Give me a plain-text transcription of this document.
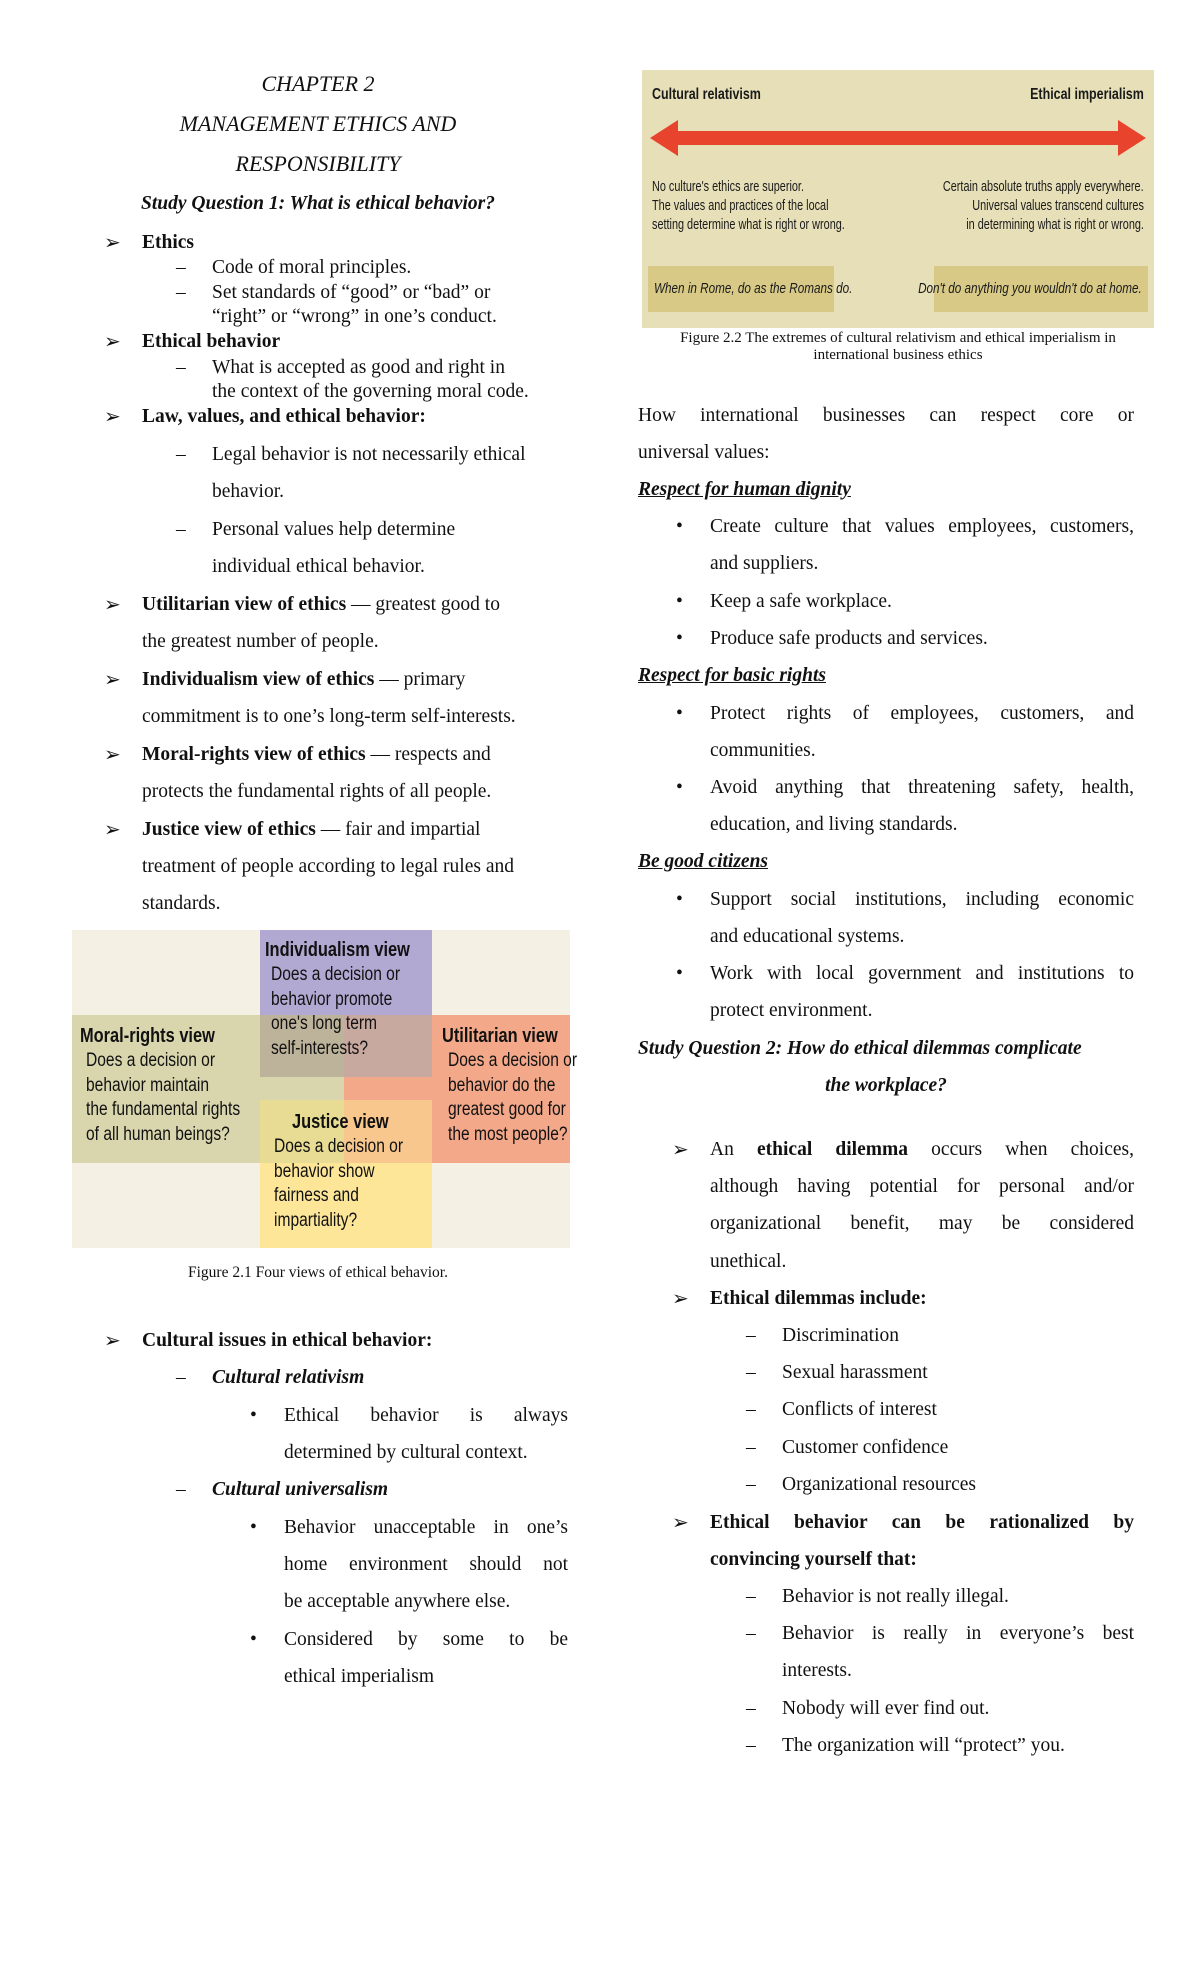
CHAPTER 2
MANAGEMENT ETHICS AND
RESPONSIBILITY
Study Question 1: What is ethical behavior?
➢ Ethics
– Code of moral principles.
– Set standards of “good” or “bad” or
“right” or “wrong” in one’s conduct.
➢ Ethical behavior
– What is accepted as good and right in
the context of the governing moral code.
➢ Law, values, and ethical behavior:
– Legal behavior is not necessarily ethical
behavior.
– Personal values help determine
individual ethical behavior.
➢ Utilitarian view of ethics — greatest good to
the greatest number of people.
➢ Individualism view of ethics — primary
commitment is to one’s long-term self-interests.
➢ Moral-rights view of ethics — respects and
protects the fundamental rights of all people.
➢ Justice view of ethics — fair and impartial
treatment of people according to legal rules and
standards.
Individualism view
Does a decision or
behavior promote
one's long term
self-interests?
Moral-rights view
Does a decision or
behavior maintain
the fundamental rights
of all human beings?
Utilitarian view
Does a decision or
behavior do the
greatest good for
the most people?
Justice view
Does a decision or
behavior show
fairness and
impartiality?
Figure 2.1 Four views of ethical behavior.
➢ Cultural issues in ethical behavior:
– Cultural relativism
• Ethical behavior is always
determined by cultural context.
– Cultural universalism
• Behavior unacceptable in one’s
home environment should not
be acceptable anywhere else.
• Considered by some to be
ethical imperialism
Cultural relativism	Ethical imperialism
No culture's ethics are superior.
The values and practices of the local
setting determine what is right or wrong.
Certain absolute truths apply everywhere.
Universal values transcend cultures
in determining what is right or wrong.
When in Rome, do as the Romans do.	Don't do anything you wouldn't do at home.
Figure 2.2 The extremes of cultural relativism and ethical imperialism in
international business ethics
How international businesses can respect core or
universal values:
Respect for human dignity
• Create culture that values employees, customers,
and suppliers.
• Keep a safe workplace.
• Produce safe products and services.
Respect for basic rights
• Protect rights of employees, customers, and
communities.
• Avoid anything that threatening safety, health,
education, and living standards.
Be good citizens
• Support social institutions, including economic
and educational systems.
• Work with local government and institutions to
protect environment.
Study Question 2: How do ethical dilemmas complicate
the workplace?
➢ An ethical dilemma occurs when choices,
although having potential for personal and/or
organizational benefit, may be considered
unethical.
➢ Ethical dilemmas include:
– Discrimination
– Sexual harassment
– Conflicts of interest
– Customer confidence
– Organizational resources
➢ Ethical behavior can be rationalized by
convincing yourself that:
– Behavior is not really illegal.
– Behavior is really in everyone’s best
interests.
– Nobody will ever find out.
– The organization will “protect” you.
